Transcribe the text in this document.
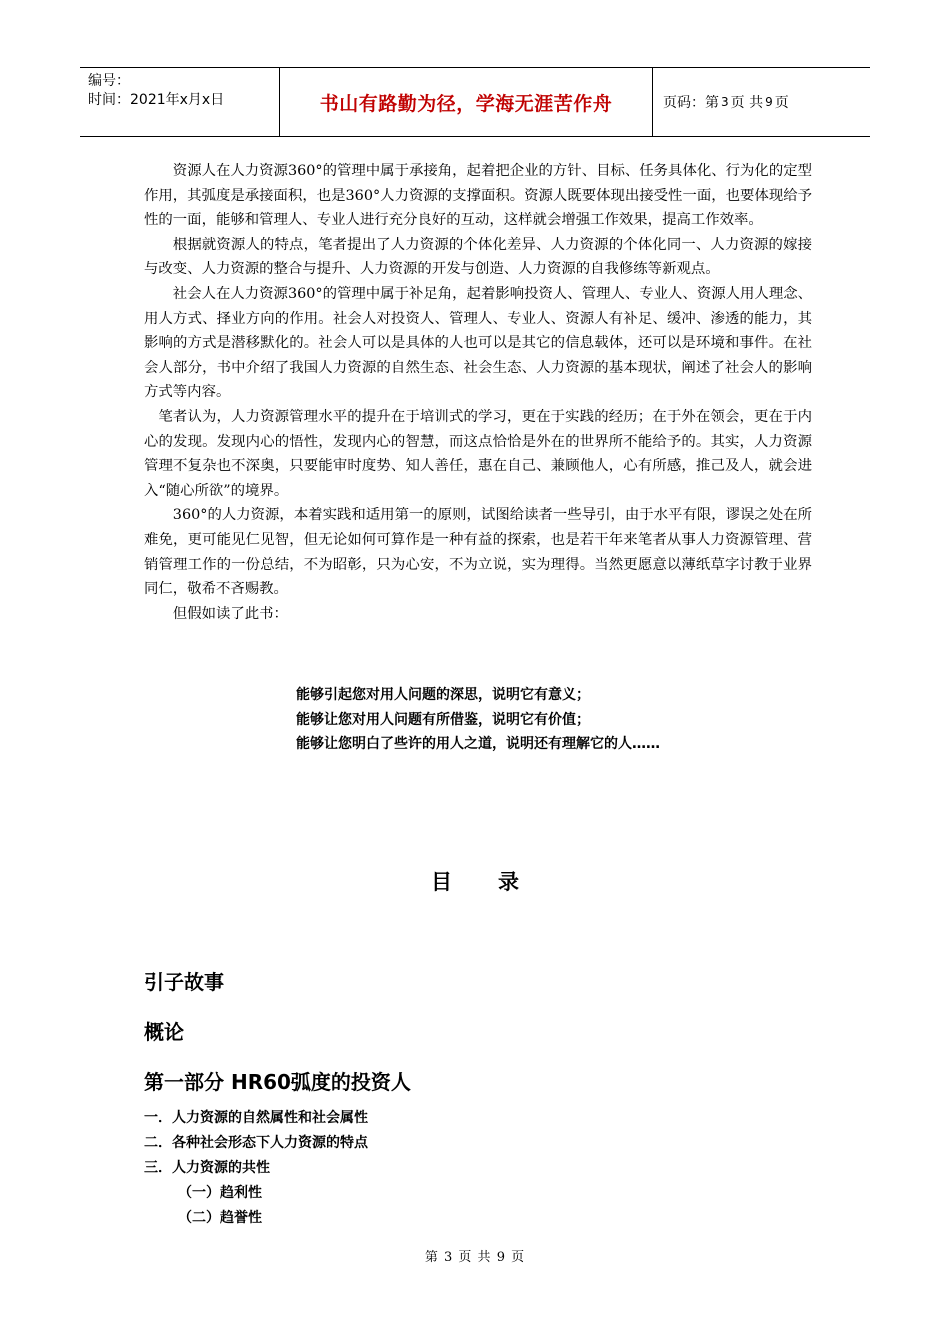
编号：
时间：2021年x月x日	书山有路勤为径，学海无涯苦作舟	页码：第 3 页 共 9 页

资源人在人力资源360°的管理中属于承接角，起着把企业的方针、目标、任务具体化、行为化的定型作用，其弧度是承接面积，也是360°人力资源的支撑面积。资源人既要体现出接受性一面，也要体现给予性的一面，能够和管理人、专业人进行充分良好的互动，这样就会增强工作效果，提高工作效率。

根据就资源人的特点，笔者提出了人力资源的个体化差异、人力资源的个体化同一、人力资源的嫁接与改变、人力资源的整合与提升、人力资源的开发与创造、人力资源的自我修练等新观点。

社会人在人力资源360°的管理中属于补足角，起着影响投资人、管理人、专业人、资源人用人理念、用人方式、择业方向的作用。社会人对投资人、管理人、专业人、资源人有补足、缓冲、渗透的能力，其影响的方式是潜移默化的。社会人可以是具体的人也可以是其它的信息载体，还可以是环境和事件。在社会人部分，书中介绍了我国人力资源的自然生态、社会生态、人力资源的基本现状，阐述了社会人的影响方式等内容。

笔者认为，人力资源管理水平的提升在于培训式的学习，更在于实践的经历；在于外在领会，更在于内心的发现。发现内心的悟性，发现内心的智慧，而这点恰恰是外在的世界所不能给予的。其实，人力资源管理不复杂也不深奥，只要能审时度势、知人善任，惠在自己、兼顾他人，心有所感，推己及人，就会进入“随心所欲”的境界。

360°的人力资源，本着实践和适用第一的原则，试图给读者一些导引，由于水平有限，谬误之处在所难免，更可能见仁见智，但无论如何可算作是一种有益的探索，也是若干年来笔者从事人力资源管理、营销管理工作的一份总结，不为昭彰，只为心安，不为立说，实为理得。当然更愿意以薄纸草字讨教于业界同仁，敬希不吝赐教。

但假如读了此书：

能够引起您对用人问题的深思，说明它有意义；
能够让您对用人问题有所借鉴，说明它有价值；
能够让您明白了些许的用人之道，说明还有理解它的人……
目 录
引子故事
概论
第一部分 HR60弧度的投资人
一．人力资源的自然属性和社会属性
二．各种社会形态下人力资源的特点
三．人力资源的共性
（一）趋利性
（二）趋誉性
第 3 页 共 9 页
